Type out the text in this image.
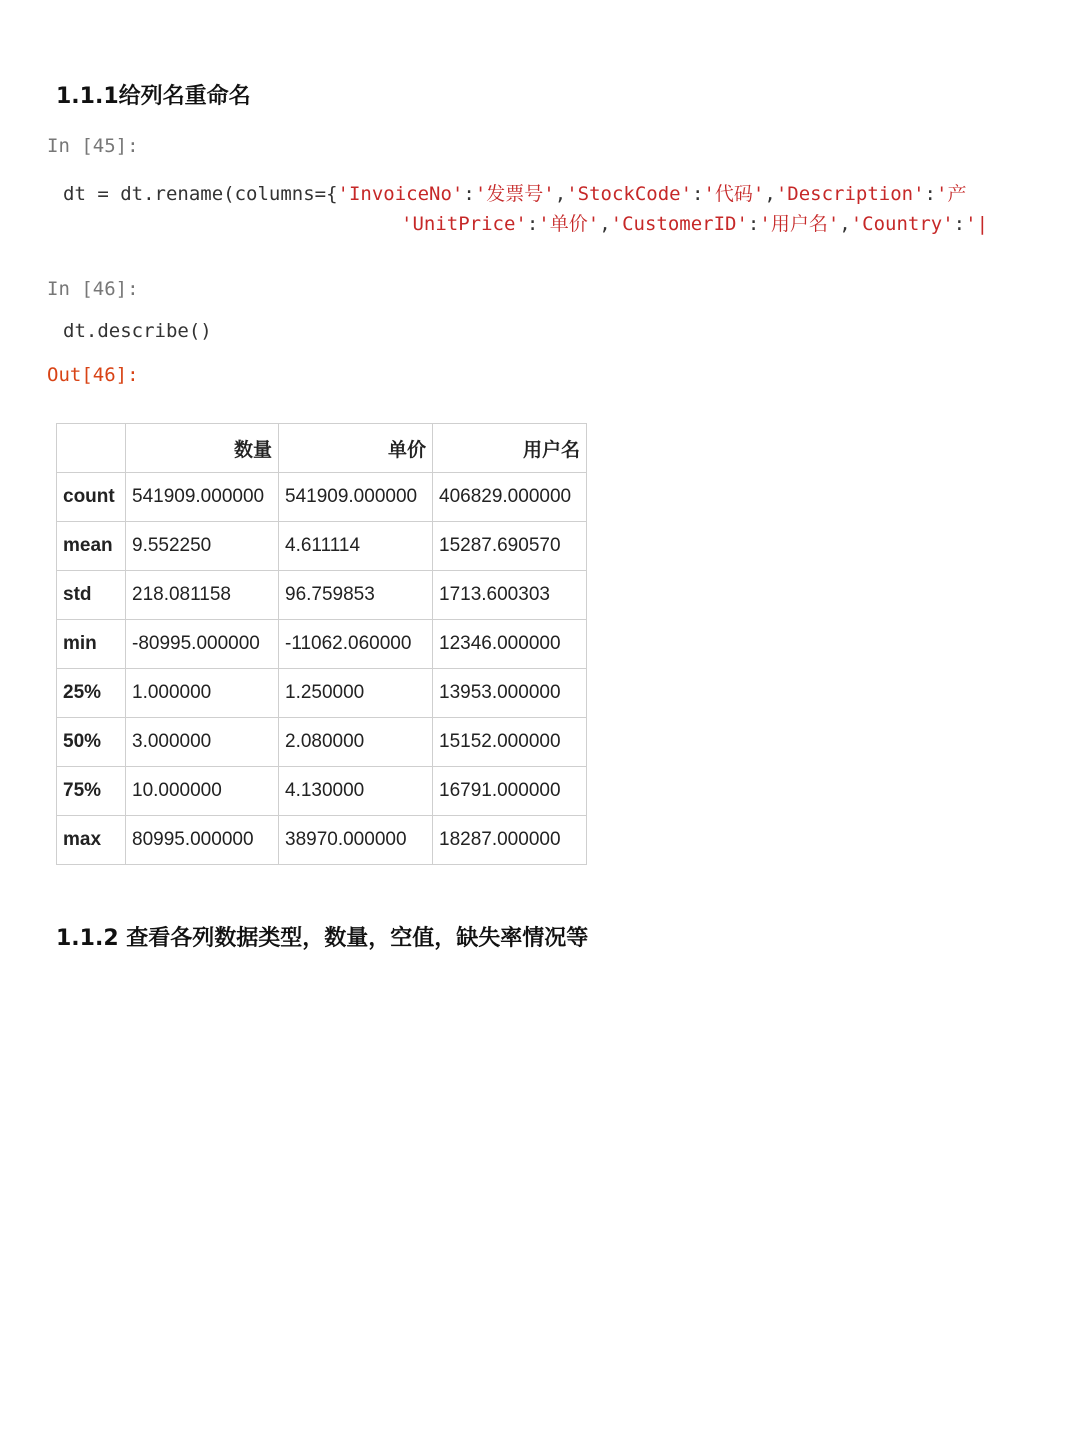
1.1.1给列名重命名
In [45]:
dt = dt.rename(columns={'InvoiceNo':'发票号','StockCode':'代码','Description':'产
'UnitPrice':'单价','CustomerID':'用户名','Country':'|
In [46]:
dt.describe()
Out[46]:
	数量	单价	用户名
count	541909.000000	541909.000000	406829.000000
mean	9.552250	4.611114	15287.690570
std	218.081158	96.759853	1713.600303
min	-80995.000000	-11062.060000	12346.000000
25%	1.000000	1.250000	13953.000000
50%	3.000000	2.080000	15152.000000
75%	10.000000	4.130000	16791.000000
max	80995.000000	38970.000000	18287.000000
1.1.2 查看各列数据类型，数量，空值，缺失率情况等
